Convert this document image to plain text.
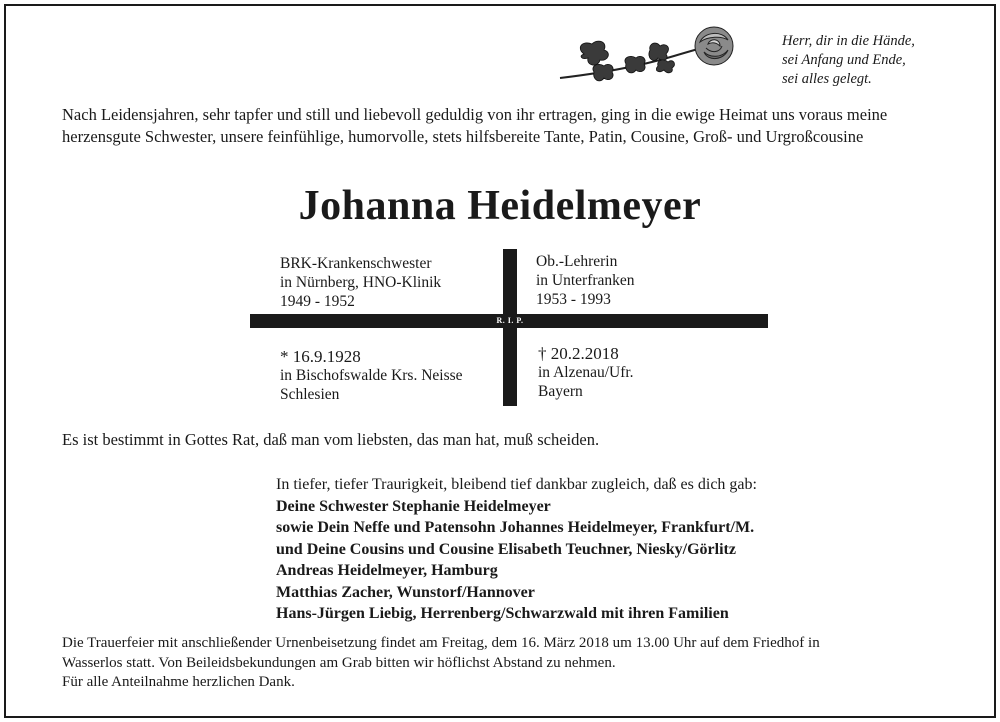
Herr, dir in die Hände,
sei Anfang und Ende,
sei alles gelegt.
Nach Leidensjahren, sehr tapfer und still und liebevoll geduldig von ihr ertragen, ging in die ewige Heimat uns voraus meine herzensgute Schwester, unsere feinfühlige, humorvolle, stets hilfsbereite Tante, Patin, Cousine, Groß- und Urgroßcousine
Johanna Heidelmeyer
R. I. P.
BRK-Krankenschwester
in Nürnberg, HNO-Klinik
1949 - 1952
Ob.-Lehrerin
in Unterfranken
1953 - 1993
* 16.9.1928
in Bischofswalde Krs. Neisse
Schlesien
† 20.2.2018
in Alzenau/Ufr.
Bayern
Es ist bestimmt in Gottes Rat, daß man vom liebsten, das man hat, muß scheiden.
In tiefer, tiefer Traurigkeit, bleibend tief dankbar zugleich, daß es dich gab:
Deine Schwester Stephanie Heidelmeyer
sowie Dein Neffe und Patensohn Johannes Heidelmeyer, Frankfurt/M.
und Deine Cousins und Cousine Elisabeth Teuchner, Niesky/Görlitz
Andreas Heidelmeyer, Hamburg
Matthias Zacher, Wunstorf/Hannover
Hans-Jürgen Liebig, Herrenberg/Schwarzwald mit ihren Familien
Die Trauerfeier mit anschließender Urnenbeisetzung findet am Freitag, dem 16. März 2018 um 13.00 Uhr auf dem Friedhof in
Wasserlos statt. Von Beileidsbekundungen am Grab bitten wir höflichst Abstand zu nehmen.
Für alle Anteilnahme herzlichen Dank.
